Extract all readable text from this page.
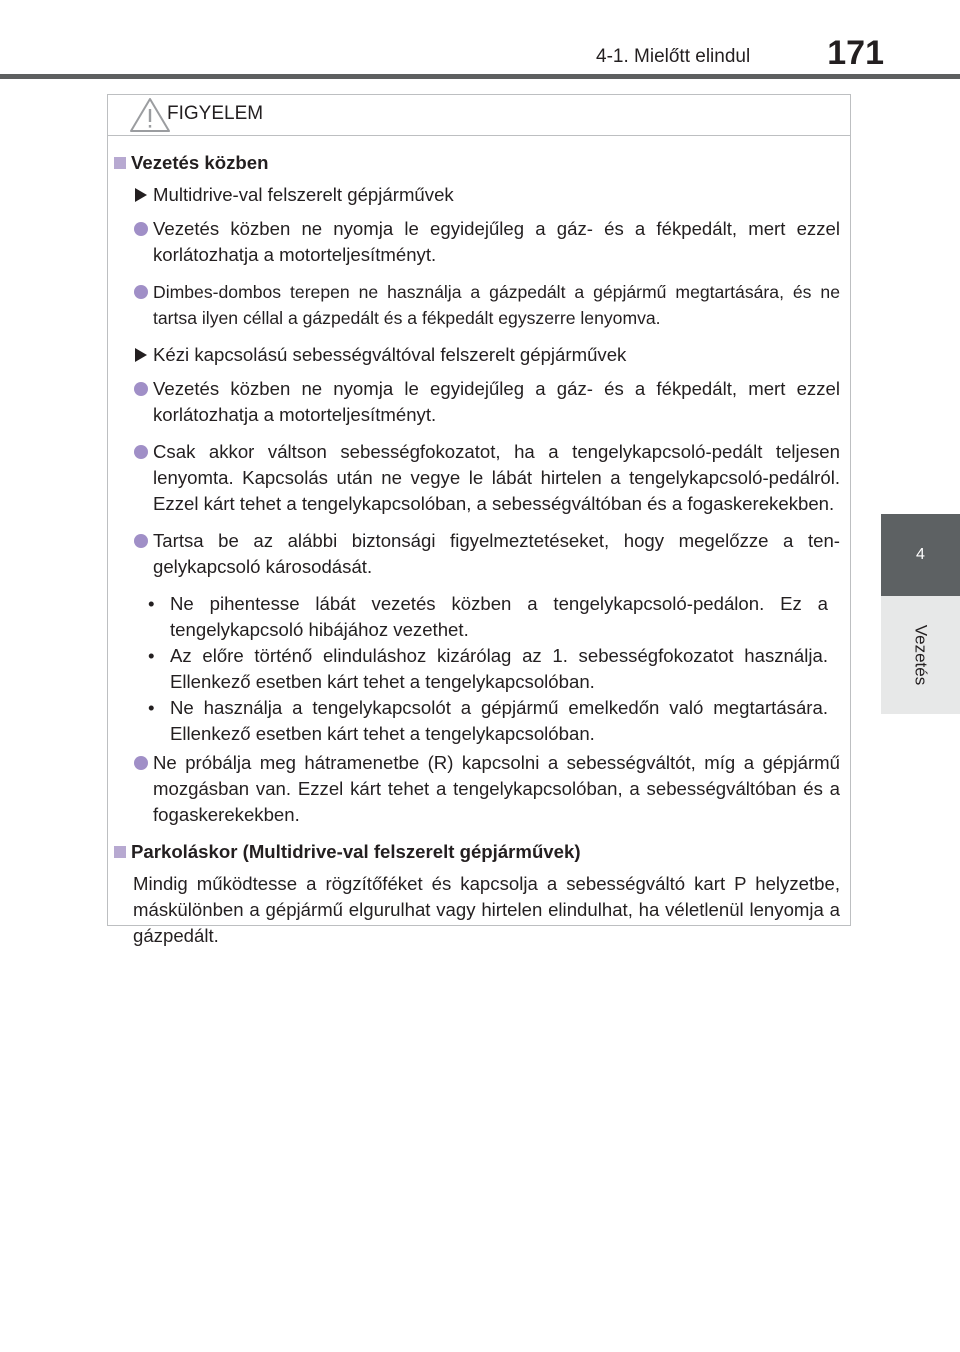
4-1. Mielőtt elindul	171
4
Vezetés
FIGYELEM
Vezetés közben
Multidrive-val felszerelt gépjárművek
Vezetés közben ne nyomja le egyidejűleg a gáz- és a fékpedált, mert ezzel korlátozhatja a motorteljesítményt.
Dimbes-dombos terepen ne használja a gázpedált a gépjármű megtartására, és ne tartsa ilyen céllal a gázpedált és a fékpedált egyszerre lenyomva.
Kézi kapcsolású sebességváltóval felszerelt gépjárművek
Vezetés közben ne nyomja le egyidejűleg a gáz- és a fékpedált, mert ezzel korlátozhatja a motorteljesítményt.
Csak akkor váltson sebességfokozatot, ha a tengelykapcsoló-pedált teljesen lenyomta. Kapcsolás után ne vegye le lábát hirtelen a tengelykapcsoló-pedálról. Ezzel kárt tehet a tengelykapcsolóban, a sebességváltóban és a fogaskerekekben.
Tartsa be az alábbi biztonsági figyelmeztetéseket, hogy megelőzze a tengelykapcsoló károsodását.
• Ne pihentesse lábát vezetés közben a tengelykapcsoló-pedálon. Ez a tengelykapcsoló hibájához vezethet.
• Az előre történő elinduláshoz kizárólag az 1. sebességfokozatot használja. Ellenkező esetben kárt tehet a tengelykapcsolóban.
• Ne használja a tengelykapcsolót a gépjármű emelkedőn való megtartására. Ellenkező esetben kárt tehet a tengelykapcsolóban.
Ne próbálja meg hátramenetbe (R) kapcsolni a sebességváltót, míg a gépjármű mozgásban van. Ezzel kárt tehet a tengelykapcsolóban, a sebességváltóban és a fogaskerekekben.
Parkoláskor (Multidrive-val felszerelt gépjárművek)
Mindig működtesse a rögzítőféket és kapcsolja a sebességváltó kart P helyzetbe, máskülönben a gépjármű elgurulhat vagy hirtelen elindulhat, ha véletlenül lenyomja a gázpedált.
